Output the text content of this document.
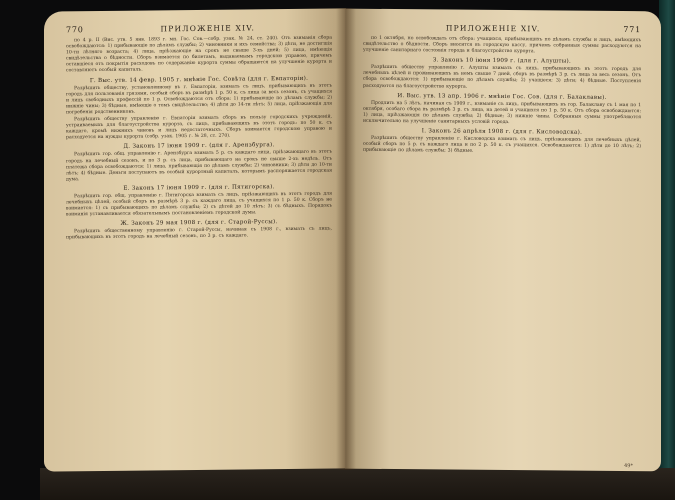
770	ПРИЛОЖЕНІЕ XIV.

по 4 р. II (Вис. утв. 5 янв. 1893 г. мн. Гос. Сов.—собр. узак. № 24, ст. 240). Отъ взиманія сбора освобождаются: 1) прибывающіе по дѣламъ службы; 2) чиновники и ихъ семейства; 3) дѣти, не достигшія 10-ти лѣтняго возраста; 4) лица, пріѣзжающіе на срокъ не свыше 3-хъ дней; 5) лица, имѣющія свидѣтельства о бѣдности. Сборъ взимается по билетамъ, выдаваемымъ городскою управою, причемъ оставшіеся отъ покрытія расходовъ по содержанію курорта суммы обращаются на улучшеніе курорта и составляютъ особый капиталъ.

Г. Выс. утв. 14 февр. 1905 г. мнѣніе Гос. Совѣта (для г. Евпаторіи).

Разрѣшить обществу, установленному въ г. Евпаторіи, взимать съ лицъ, прибывающихъ въ этотъ городъ для пользованія грязями, особый сборъ въ размѣрѣ 1 р. 50 к. съ лица за весь сезонъ, съ учащихся и лицъ свободныхъ профессій по 1 р. Освобождаются отъ сбора: 1) прибывающіе по дѣламъ службы; 2) нижніе чины; 3) бѣдные, имѣющіе о томъ свидѣтельство; 4) дѣти до 14-ти лѣтъ; 5) лица, пріѣзжающія для погребенія родственниковъ.

Разрѣшить обществу управленію г. Евпаторіи взимать сборъ въ пользу городскихъ учрежденій, устраиваемыхъ для благоустройства курорта, съ лицъ, прибывающихъ въ этотъ городъ: по 50 к. съ каждаго, кромѣ нижнихъ чиновъ и лицъ недостаточныхъ. Сборъ взимается городскою управою и расходуется на нужды курорта (собр. узак. 1905 г. № 28, ст. 270).

Д. Законъ 17 іюня 1909 г. (для г. Арензбурга).

Разрѣшить гор. общ. управленію г. Арензбурга взимать 5 р. съ каждаго лица, пріѣзжающаго въ этотъ городъ на лечебный сезонъ, и по 3 р. съ лица, прибывающаго на срокъ не свыше 2-хъ недѣль. Отъ платежа сбора освобождаются: 1) лица, прибывающія по дѣламъ службы; 2) чиновники; 3) дѣти до 10-ти лѣтъ; 4) бѣдные. Деньги поступаютъ въ особый курортный капиталъ, которымъ распоряжается городская дума.

Е. Законъ 17 іюня 1909 г. (для г. Пятигорска).

Разрѣшить гор. общ. управленію г. Пятигорска взимать съ лицъ, пріѣзжающихъ въ этотъ городъ для лечебныхъ цѣлей, особый сборъ въ размѣрѣ 3 р. съ каждаго лица, съ учащихся по 1 р. 50 к. Сборъ не взимается: 1) съ прибывающихъ по дѣламъ службы; 2) съ дѣтей до 10 лѣтъ; 3) съ бѣдныхъ. Порядокъ взиманія устанавливается обязательнымъ постановленіемъ городской думы.

Ж. Законъ 29 мая 1908 г. (для г. Старой-Руссы).

Разрѣшить общественному управленію г. Старой-Руссы, начиная съ 1908 г., взимать съ лицъ, прибывающихъ въ этотъ городъ на лечебный сезонъ, по 3 р. съ каждаго.

ПРИЛОЖЕНІЕ XIV.	771

по 1 октября, но освобождать отъ сбора: учащихся, прибывающихъ по дѣламъ службы и лицъ, имѣющихъ свидѣтельство о бѣдности. Сборъ вносится въ городскую кассу, причемъ собранныя суммы расходуются на улучшеніе санитарнаго состоянія города и благоустройство курорта.

З. Законъ 10 іюня 1909 г. (для г. Алушты).

Разрѣшить обществу управленію г. Алушты взимать съ лицъ, прибывающихъ въ этотъ городъ для лечебныхъ цѣлей и проживающихъ въ немъ свыше 7 дней, сборъ въ размѣрѣ 3 р. съ лица за весь сезонъ. Отъ сбора освобождаются: 1) прибывающіе по дѣламъ службы; 2) учащіеся; 3) дѣти; 4) бѣдные. Поступленія расходуются на благоустройство курорта.

И. Выс. утв. 13 апр. 1906 г. мнѣніе Гос. Сов. (для г. Балаклавы).

Продлить на 5 лѣтъ, начиная съ 1909 г., взиманіе съ лицъ, прибывающихъ въ гор. Балаклаву съ 1 мая по 1 октября, особаго сбора въ размѣрѣ 3 р. съ лица, на детей и учащихся по 1 р. 50 к. Отъ сбора освобождаются: 1) лица, пріѣзжающія по дѣламъ службы; 2) бѣдные; 3) нижніе чины. Собранныя суммы употребляются исключительно на улучшеніе санитарныхъ условій города.

І. Законъ 26 апрѣля 1908 г. (для г. Кисловодска).

Разрѣшить обществу управленію г. Кисловодска взимать съ лицъ, пріѣзжающихъ для лечебныхъ цѣлей, особый сборъ по 5 р. съ каждаго лица и по 2 р. 50 к. съ учащихся. Освобождаются: 1) дѣти до 10 лѣтъ; 2) прибывающіе по дѣламъ службы; 3) бѣдные.

49*
